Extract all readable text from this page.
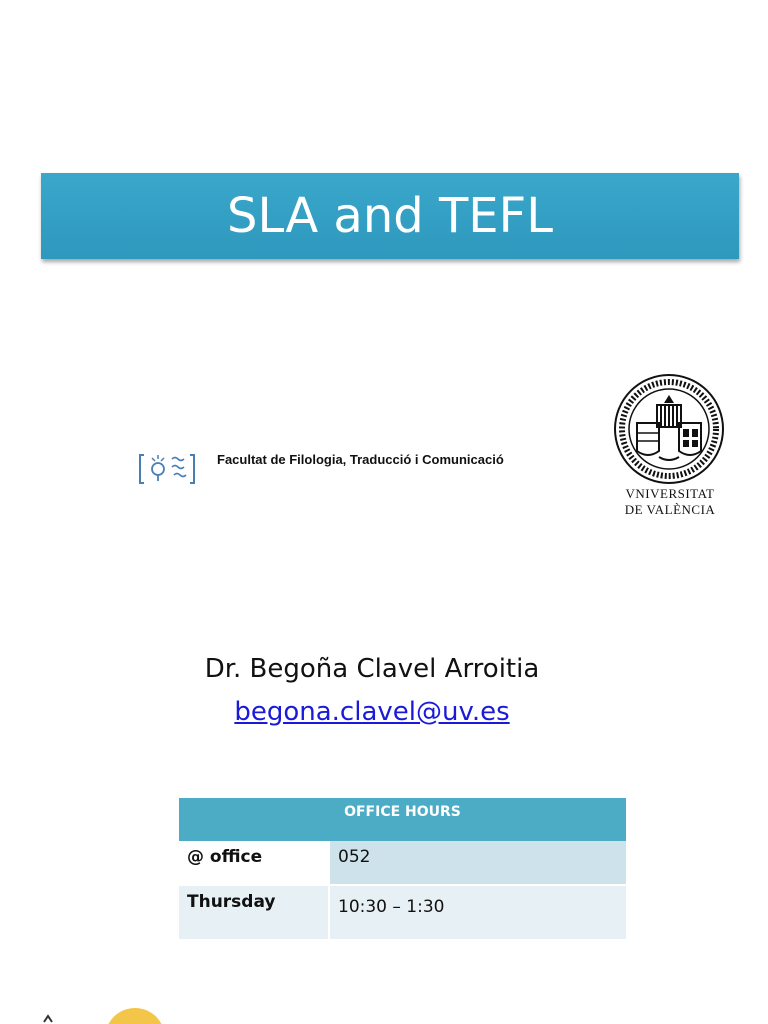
SLA and TEFL
Facultat de Filologia, Traducció i Comunicació
VNIVERSITAT
DE VALÈNCIA
Dr. Begoña Clavel Arroitia
begona.clavel@uv.es
OFFICE HOURS	
@ office	052
Thursday	10:30 – 1:30
